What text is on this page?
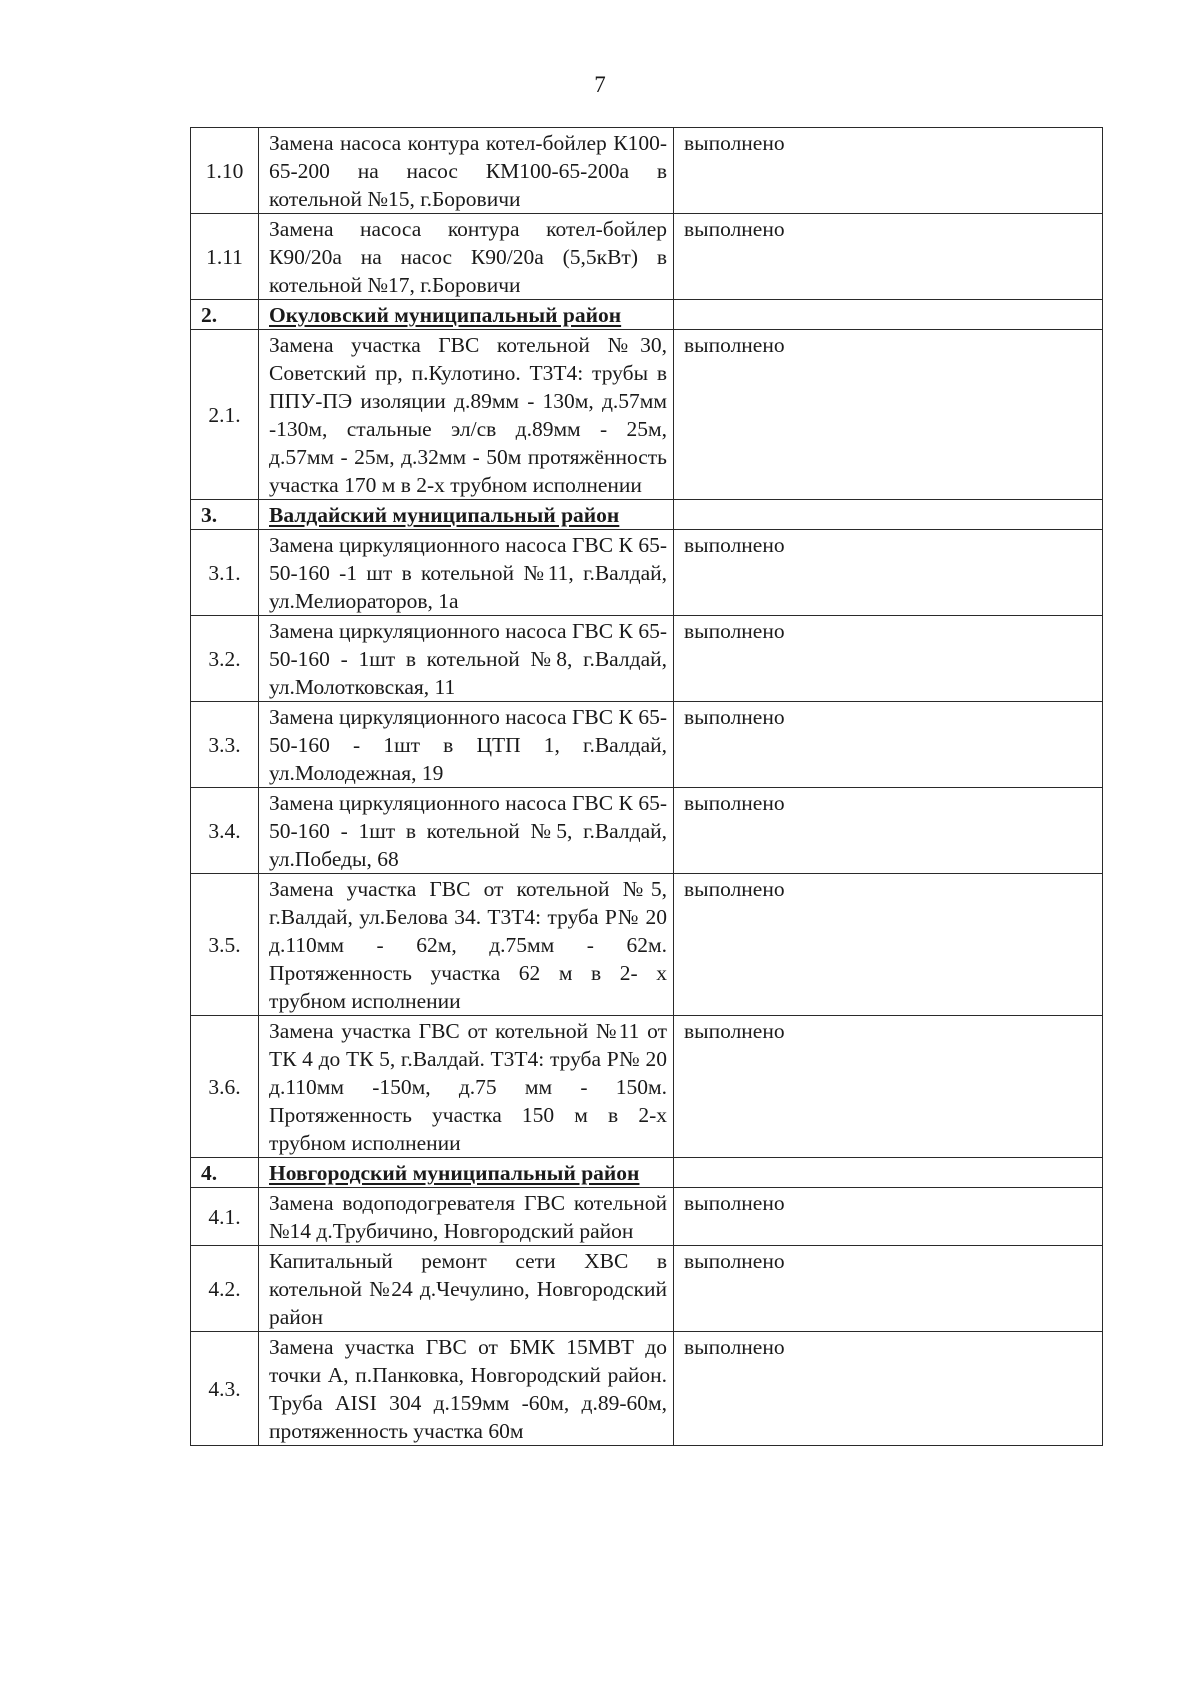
7
1.10	Замена насоса контура котел-бойлер К100-65-200 на насос КМ100-65-200а в котельной №15, г.Боровичи	выполнено
1.11	Замена насоса контура котел-бойлер К90/20а на насос К90/20а (5,5кВт) в котельной №17, г.Боровичи	выполнено
2.	Окуловский муниципальный район	
2.1.	Замена участка ГВС котельной №30, Советский пр, п.Кулотино. Т3Т4: трубы в ППУ-ПЭ изоляции д.89мм - 130м, д.57мм -130м, стальные эл/св д.89мм - 25м, д.57мм - 25м, д.32мм - 50м протяжённость участка 170 м в 2-х трубном исполнении	выполнено
3.	Валдайский муниципальный район	
3.1.	Замена циркуляционного насоса ГВС К 65-50-160 -1 шт в котельной №11, г.Валдай, ул.Мелиораторов, 1а	выполнено
3.2.	Замена циркуляционного насоса ГВС К 65-50-160 - 1шт в котельной №8, г.Валдай, ул.Молотковская, 11	выполнено
3.3.	Замена циркуляционного насоса ГВС К 65-50-160 - 1шт в ЦТП 1, г.Валдай, ул.Молодежная, 19	выполнено
3.4.	Замена циркуляционного насоса ГВС К 65-50-160 - 1шт в котельной №5, г.Валдай, ул.Победы, 68	выполнено
3.5.	Замена участка ГВС от котельной №5, г.Валдай, ул.Белова 34. Т3Т4: труба Р№ 20 д.110мм - 62м, д.75мм - 62м. Протяженность участка 62 м в 2- х трубном исполнении	выполнено
3.6.	Замена участка ГВС от котельной №11 от ТК 4 до ТК 5, г.Валдай. Т3Т4: труба Р№ 20 д.110мм -150м, д.75 мм - 150м. Протяженность участка 150 м в 2-х трубном исполнении	выполнено
4.	Новгородский муниципальный район	
4.1.	Замена водоподогревателя ГВС котельной №14 д.Трубичино, Новгородский район	выполнено
4.2.	Капитальный ремонт сети ХВС в котельной №24 д.Чечулино, Новгородский район	выполнено
4.3.	Замена участка ГВС от БМК 15МВТ до точки А, п.Панковка, Новгородский район. Труба AISI 304 д.159мм -60м, д.89-60м, протяженность участка 60м	выполнено
